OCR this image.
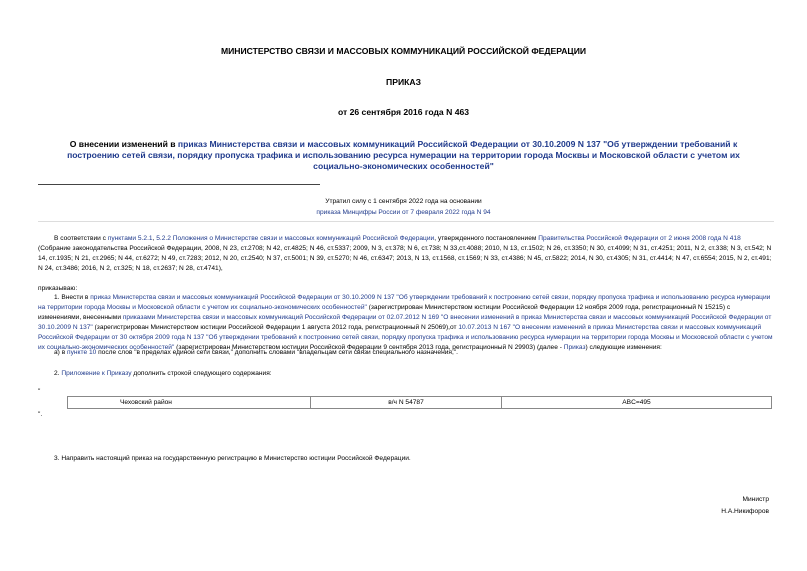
МИНИСТЕРСТВО СВЯЗИ И МАССОВЫХ КОММУНИКАЦИЙ РОССИЙСКОЙ ФЕДЕРАЦИИ
ПРИКАЗ
от 26 сентября 2016 года N 463
О внесении изменений в приказ Министерства связи и массовых коммуникаций Российской Федерации от 30.10.2009 N 137 "Об утверждении требований к построению сетей связи, порядку пропуска трафика и использованию ресурса нумерации на территории города Москвы и Московской области с учетом их социально-экономических особенностей"
Утратил силу с 1 сентября 2022 года на основании
приказа Минцифры России от 7 февраля 2022 года N 94
В соответствии с пунктами 5.2.1, 5.2.2 Положения о Министерстве связи и массовых коммуникаций Российской Федерации, утвержденного постановлением Правительства Российской Федерации от 2 июня 2008 года N 418 (Собрание законодательства Российской Федерации, 2008, N 23, ст.2708; N 42, ст.4825; N 46, ст.5337; 2009, N 3, ст.378; N 6, ст.738; N 33,ст.4088; 2010, N 13, ст.1502; N 26, ст.3350; N 30, ст.4099; N 31, ст.4251; 2011, N 2, ст.338; N 3, ст.542; N 14, ст.1935; N 21, ст.2965; N 44, ст.6272; N 49, ст.7283; 2012, N 20, ст.2540; N 37, ст.5001; N 39, ст.5270; N 46, ст.6347; 2013, N 13, ст.1568, ст.1569; N 33, ст.4386; N 45, ст.5822; 2014, N 30, ст.4305; N 31, ст.4414; N 47, ст.6554; 2015, N 2, ст.491; N 24, ст.3486; 2016, N 2, ст.325; N 18, ст.2637; N 28, ст.4741),
приказываю:
1. Внести в приказ Министерства связи и массовых коммуникаций Российской Федерации от 30.10.2009 N 137 "Об утверждении требований к построению сетей связи, порядку пропуска трафика и использованию ресурса нумерации на территории города Москвы и Московской области с учетом их социально-экономических особенностей" (зарегистрирован Министерством юстиции Российской Федерации 12 ноября 2009 года, регистрационный N 15215) с изменениями, внесенными приказами Министерства связи и массовых коммуникаций Российской Федерации от 02.07.2012 N 169 "О внесении изменений в приказ Министерства связи и массовых коммуникаций Российской Федерации от 30.10.2009 N 137" (зарегистрирован Министерством юстиции Российской Федерации 1 августа 2012 года, регистрационный N 25069),от 10.07.2013 N 167 "О внесении изменений в приказ Министерства связи и массовых коммуникаций Российской Федерации от 30 октября 2009 года N 137 "Об утверждении требований к построению сетей связи, порядку пропуска трафика и использованию ресурса нумерации на территории города Москвы и Московской области с учетом их социально-экономических особенностей" (зарегистрирован Министерством юстиции Российской Федерации 9 сентября 2013 года, регистрационный N 29903) (далее - Приказ) следующие изменения:
а) в пункте 10 после слов "в пределах единой сети связи," дополнить словами "владельцам сети связи специального назначения,".
2. Приложение к Приказу дополнить строкой следующего содержания:
"
Чеховский район	в/ч N 54787	ABC=495
".
3. Направить настоящий приказ на государственную регистрацию в Министерство юстиции Российской Федерации.
Министр
Н.А.Никифоров
